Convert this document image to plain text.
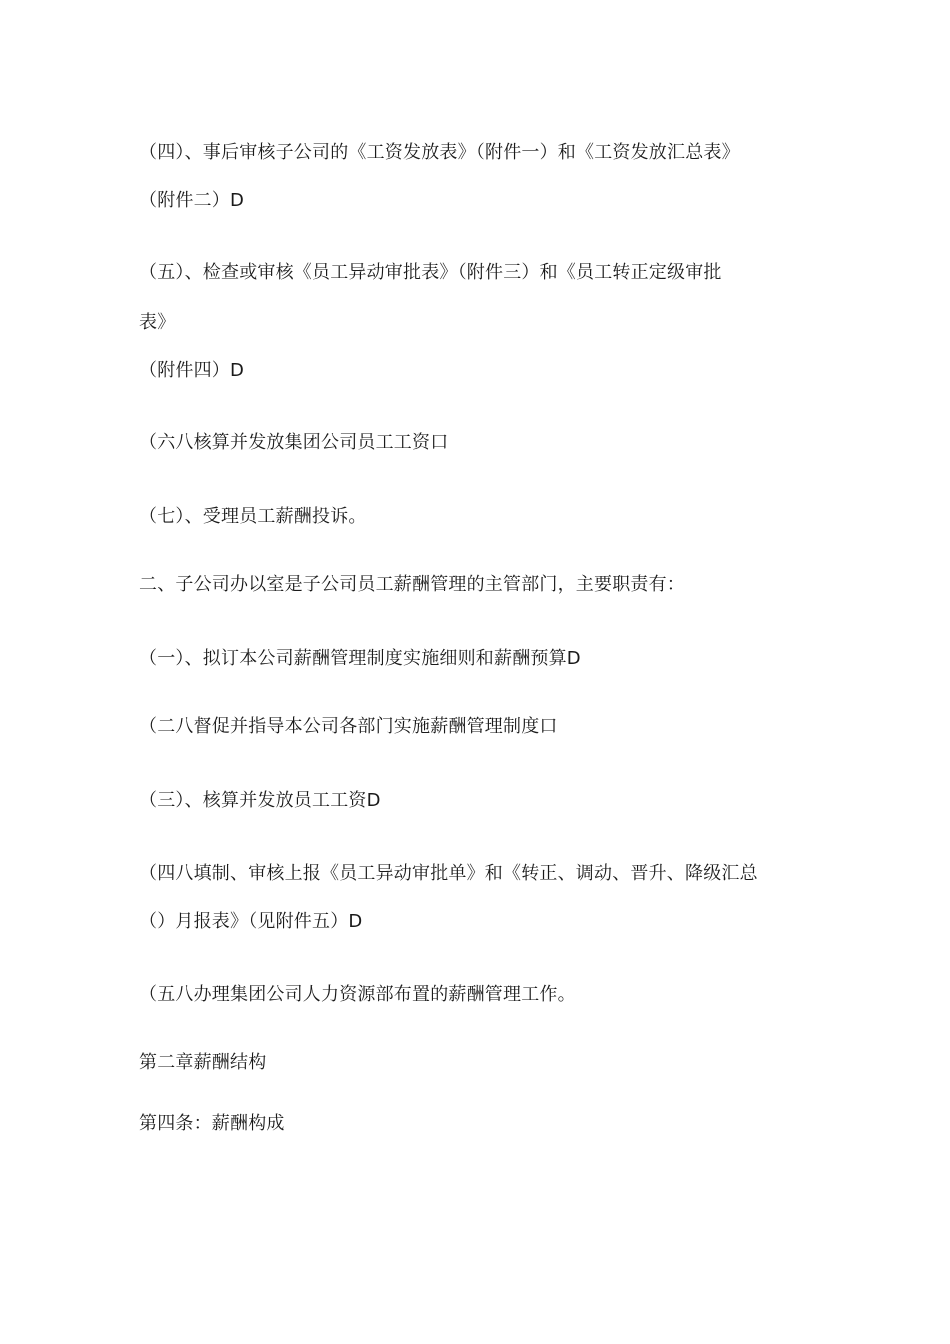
（四）、事后审核子公司的《工资发放表》（附件一）和《工资发放汇总表》
（附件二）D
（五）、检查或审核《员工异动审批表》（附件三）和《员工转正定级审批
表》
（附件四）D
（六八核算并发放集团公司员工工资口
（七）、受理员工薪酬投诉。
二、子公司办以室是子公司员工薪酬管理的主管部门，主要职责有：
（一）、拟订本公司薪酬管理制度实施细则和薪酬预算D
（二八督促并指导本公司各部门实施薪酬管理制度口
（三）、核算并发放员工工资D
（四八填制、审核上报《员工异动审批单》和《转正、调动、晋升、降级汇总
（）月报表》（见附件五）D
（五八办理集团公司人力资源部布置的薪酬管理工作。
第二章薪酬结构
第四条：薪酬构成
